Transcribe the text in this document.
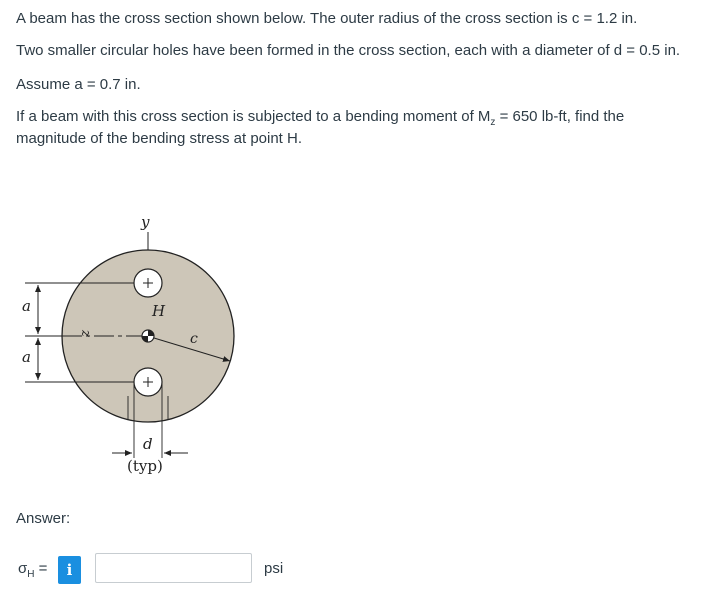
A beam has the cross section shown below. The outer radius of the cross section is c = 1.2 in.

Two smaller circular holes have been formed in the cross section, each with a diameter of d = 0.5 in.

Assume a = 0.7 in.

If a beam with this cross section is subjected to a bending moment of $M_z = 650$ lb-ft, find the

magnitude of the bending stress at point H.

y
z
H
c
a
a
d
(typ)
Answer:
$\sigma_H$ =	i	psi
